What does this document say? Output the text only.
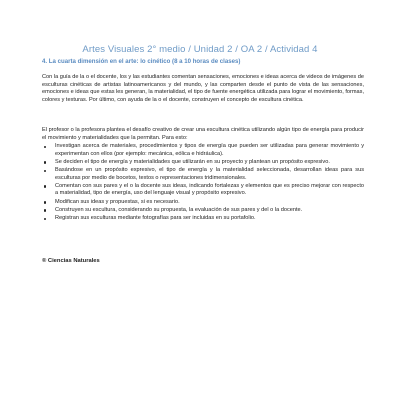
Artes Visuales 2° medio / Unidad 2 / OA 2 / Actividad 4
4. La cuarta dimensión en el arte: lo cinético (8 a 10 horas de clases)

Con la guía de la o el docente, los y las estudiantes comentan sensaciones, emociones e ideas acerca de videos de imágenes de esculturas cinéticas de artistas latinoamericanos y del mundo, y las comparten desde el punto de vista de las sensaciones, emociones e ideas que estas les generan, la materialidad, el tipo de fuente energética utilizada para lograr el movimiento, formas, colores y texturas. Por último, con ayuda de la o el docente, construyen el concepto de escultura cinética.

El profesor o la profesora plantea el desafío creativo de crear una escultura cinética utilizando algún tipo de energía para producir el movimiento y materialidades que la permitan. Para esto:

Investigan acerca de materiales, procedimientos y tipos de energía que pueden ser utilizadas para generar movimiento y experimentan con ellos (por ejemplo: mecánica, eólica e hidráulica).
Se deciden el tipo de energía y materialidades que utilizarán en su proyecto y plantean un propósito expresivo.
Basándose en un propósito expresivo, el tipo de energía y la materialidad seleccionada, desarrollan ideas para sus esculturas por medio de bocetos, textos o representaciones tridimensionales.
Comentan con sus pares y el o la docente sus ideas, indicando fortalezas y elementos que es preciso mejorar con respecto a materialidad, tipo de energía, uso del lenguaje visual y propósito expresivo.
Modifican sus ideas y propuestas, si es necesario.
Construyen su escultura, considerando su propuesta, la evaluación de sus pares y del o la docente.
Registran sus esculturas mediante fotografías para ser incluidas en su portafolio.
® Ciencias Naturales
